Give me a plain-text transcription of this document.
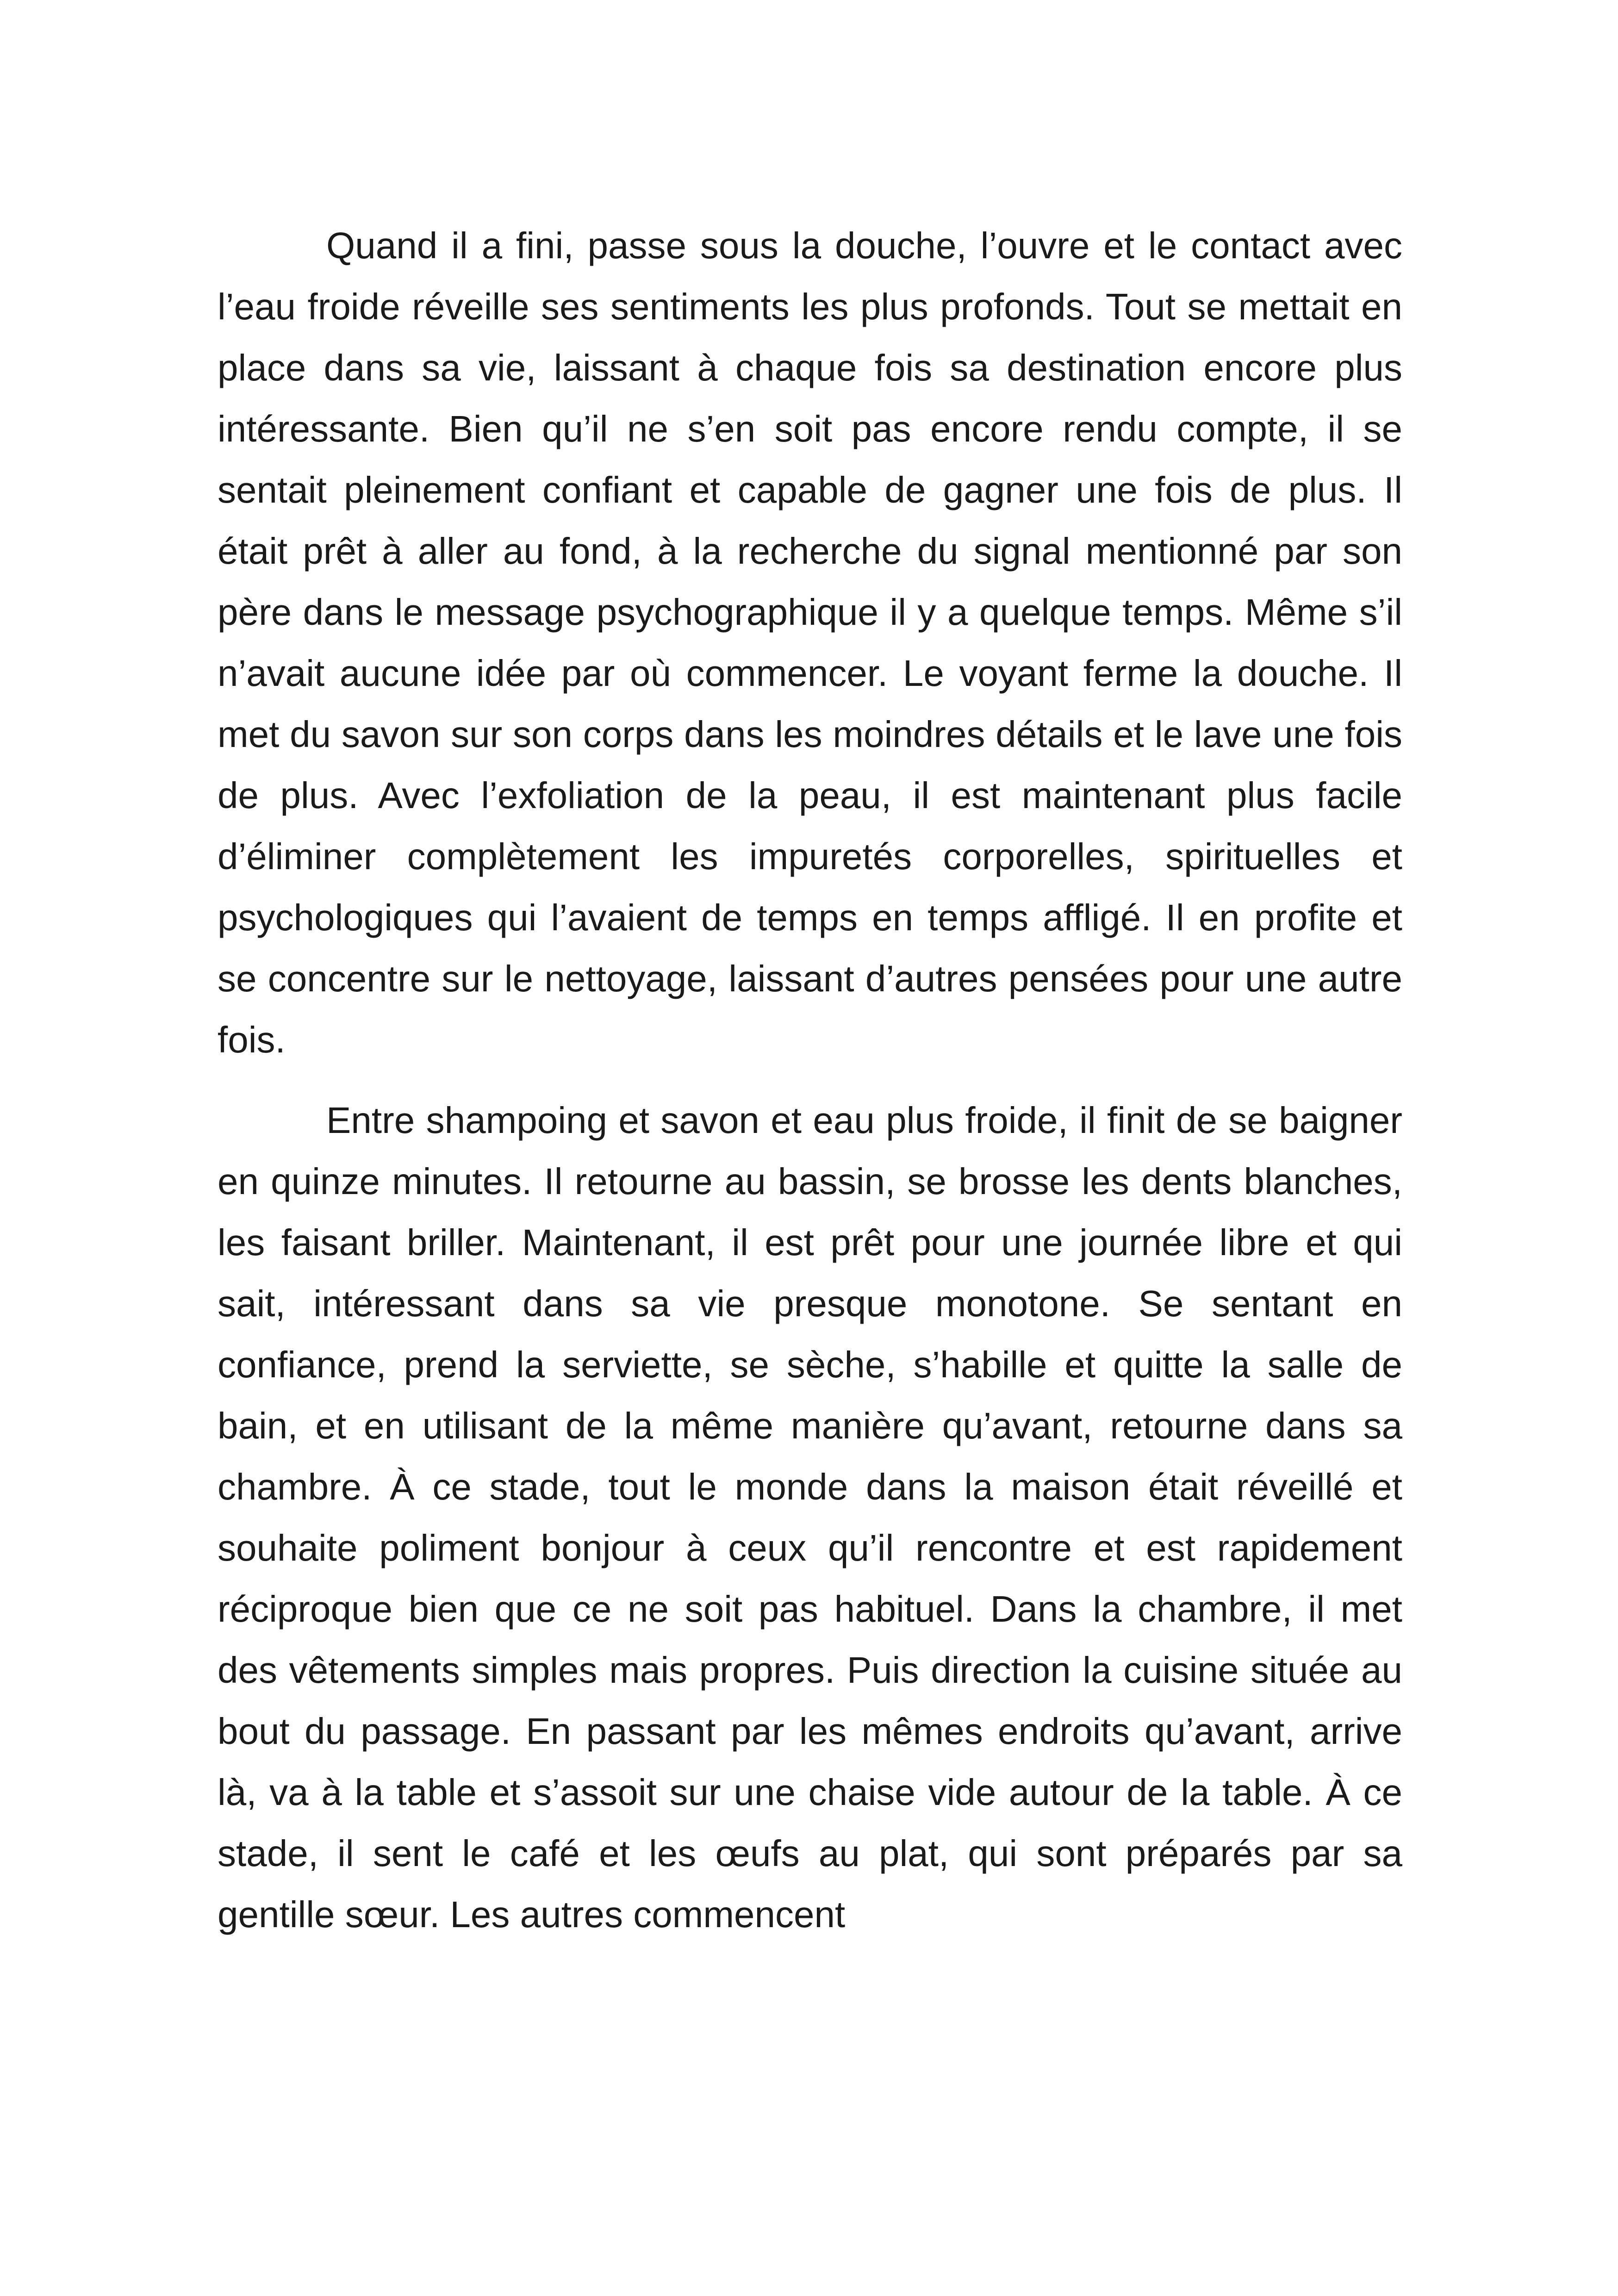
Quand il a fini, passe sous la douche, l’ouvre et le contact avec l’eau froide réveille ses sentiments les plus profonds. Tout se mettait en place dans sa vie, laissant à chaque fois sa destination encore plus intéressante. Bien qu’il ne s’en soit pas encore rendu compte, il se sentait pleinement confiant et capable de gagner une fois de plus. Il était prêt à aller au fond, à la recherche du signal mentionné par son père dans le message psychographique il y a quelque temps. Même s’il n’avait aucune idée par où commencer. Le voyant ferme la douche. Il met du savon sur son corps dans les moindres détails et le lave une fois de plus. Avec l’exfoliation de la peau, il est maintenant plus facile d’éliminer complètement les impuretés corporelles, spirituelles et psychologiques qui l’avaient de temps en temps affligé. Il en profite et se concentre sur le nettoyage, laissant d’autres pensées pour une autre fois.

Entre shampoing et savon et eau plus froide, il finit de se baigner en quinze minutes. Il retourne au bassin, se brosse les dents blanches, les faisant briller. Maintenant, il est prêt pour une journée libre et qui sait, intéressant dans sa vie presque monotone. Se sentant en confiance, prend la serviette, se sèche, s’habille et quitte la salle de bain, et en utilisant de la même manière qu’avant, retourne dans sa chambre. À ce stade, tout le monde dans la maison était réveillé et souhaite poliment bonjour à ceux qu’il rencontre et est rapidement réciproque bien que ce ne soit pas habituel. Dans la chambre, il met des vêtements simples mais propres. Puis direction la cuisine située au bout du passage. En passant par les mêmes endroits qu’avant, arrive là, va à la table et s’assoit sur une chaise vide autour de la table. À ce stade, il sent le café et les œufs au plat, qui sont préparés par sa gentille sœur. Les autres commencent
